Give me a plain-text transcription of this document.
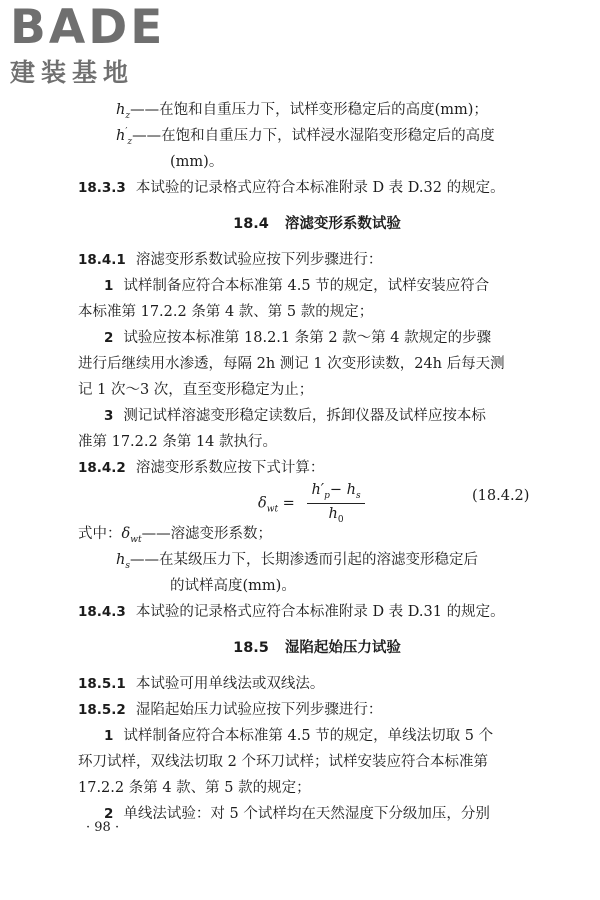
BADE
建装基地
$h_z——$在饱和自重压力下，试样变形稳定后的高度(mm)；
$h'_z——$在饱和自重压力下，试样浸水湿陷变形稳定后的高度
(mm)。
18.3.3 本试验的记录格式应符合本标准附录 D 表 D.32 的规定。
18.4 溶滤变形系数试验
18.4.1 溶滤变形系数试验应按下列步骤进行：
1 试样制备应符合本标准第 4.5 节的规定，试样安装应符合
本标准第 17.2.2 条第 4 款、第 5 款的规定；
2 试验应按本标准第 18.2.1 条第 2 款～第 4 款规定的步骤
进行后继续用水渗透，每隔 2h 测记 1 次变形读数，24h 后每天测
记 1 次～3 次，直至变形稳定为止；
3 测记试样溶滤变形稳定读数后，拆卸仪器及试样应按本标
准第 17.2.2 条第 14 款执行。
18.4.2 溶滤变形系数应按下式计算：
$\delta_{wt} = \frac{h'_p- h_s}{h_0}$	(18.4.2)
式中：$\delta_{wt}——$溶滤变形系数；
$h_s——$在某级压力下，长期渗透而引起的溶滤变形稳定后
的试样高度(mm)。
18.4.3 本试验的记录格式应符合本标准附录 D 表 D.31 的规定。
18.5 湿陷起始压力试验
18.5.1 本试验可用单线法或双线法。
18.5.2 湿陷起始压力试验应按下列步骤进行：
1 试样制备应符合本标准第 4.5 节的规定，单线法切取 5 个
环刀试样，双线法切取 2 个环刀试样；试样安装应符合本标准第
17.2.2 条第 4 款、第 5 款的规定；
2 单线法试验：对 5 个试样均在天然湿度下分级加压，分别
· 98 ·
